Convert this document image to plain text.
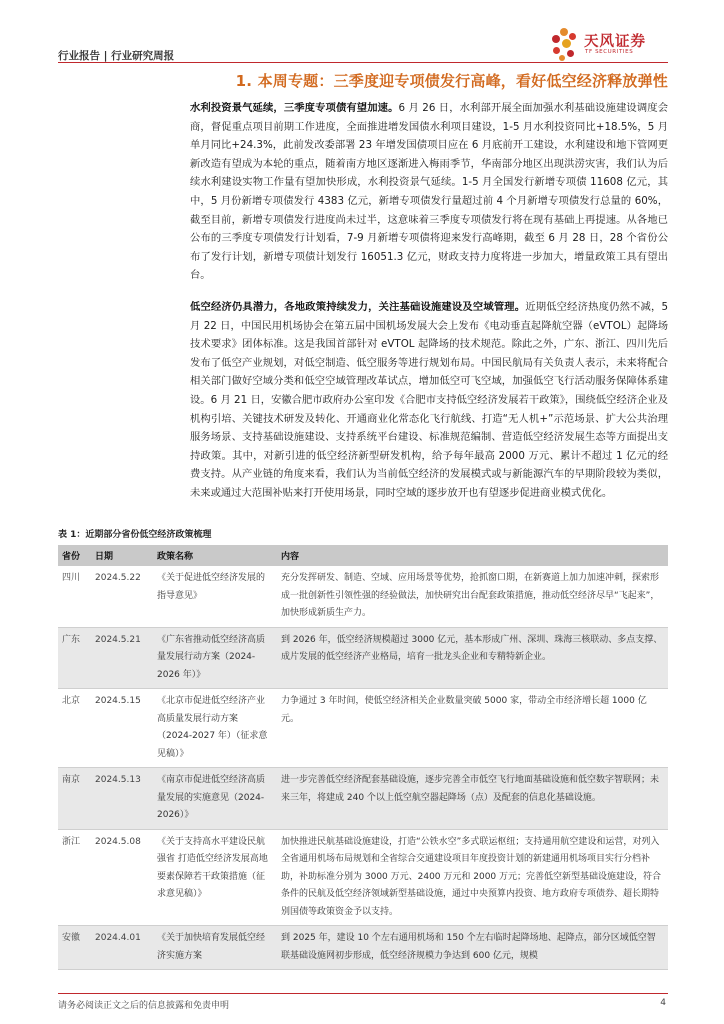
行业报告 | 行业研究周报
天风证券
TF SECURITIES
1. 本周专题：三季度迎专项债发行高峰，看好低空经济释放弹性
水利投资景气延续，三季度专项债有望加速。6 月 26 日，水利部开展全面加强水利基础设施建设调度会商，督促重点项目前期工作进度，全面推进增发国债水利项目建设，1-5 月水利投资同比+18.5%，5 月单月同比+24.3%，此前发改委部署 23 年增发国债项目应在 6 月底前开工建设，水利建设和地下管网更新改造有望成为本轮的重点，随着南方地区逐渐进入梅雨季节，华南部分地区出现洪涝灾害，我们认为后续水利建设实物工作量有望加快形成，水利投资景气延续。1-5 月全国发行新增专项债 11608 亿元，其中，5 月份新增专项债发行 4383 亿元，新增专项债发行量超过前 4 个月新增专项债发行总量的 60%，截至目前，新增专项债发行进度尚未过半，这意味着三季度专项债发行将在现有基础上再提速。从各地已公布的三季度专项债发行计划看，7-9 月新增专项债将迎来发行高峰期，截至 6 月 28 日，28 个省份公布了发行计划，新增专项债计划发行 16051.3 亿元，财政支持力度将进一步加大，增量政策工具有望出台。
低空经济仍具潜力，各地政策持续发力，关注基础设施建设及空域管理。近期低空经济热度仍然不减，5 月 22 日，中国民用机场协会在第五届中国机场发展大会上发布《电动垂直起降航空器（eVTOL）起降场技术要求》团体标准。这是我国首部针对 eVTOL 起降场的技术规范。除此之外，广东、浙江、四川先后发布了低空产业规划，对低空制造、低空服务等进行规划布局。中国民航局有关负责人表示，未来将配合相关部门做好空域分类和低空空域管理改革试点，增加低空可飞空域，加强低空飞行活动服务保障体系建设。6 月 21 日，安徽合肥市政府办公室印发《合肥市支持低空经济发展若干政策》，围绕低空经济企业及机构引培、关键技术研发及转化、开通商业化常态化飞行航线、打造“无人机+”示范场景、扩大公共治理服务场景、支持基础设施建设、支持系统平台建设、标准规范编制、营造低空经济发展生态等方面提出支持政策。其中，对新引进的低空经济新型研发机构，给予每年最高 2000 万元、累计不超过 1 亿元的经费支持。从产业链的角度来看，我们认为当前低空经济的发展模式或与新能源汽车的早期阶段较为类似，未来或通过大范围补贴来打开使用场景，同时空域的逐步放开也有望逐步促进商业模式优化。
表 1：近期部分省份低空经济政策梳理
省份	日期	政策名称	内容
四川	2024.5.22	《关于促进低空经济发展的指导意见》	充分发挥研发、制造、空域、应用场景等优势，抢抓窗口期，在新赛道上加力加速冲刺，探索形成一批创新性引领性强的经验做法，加快研究出台配套政策措施，推动低空经济尽早“飞起来”，加快形成新质生产力。
广东	2024.5.21	《广东省推动低空经济高质量发展行动方案（2024-2026 年）》	到 2026 年，低空经济规模超过 3000 亿元，基本形成广州、深圳、珠海三核联动、多点支撑、成片发展的低空经济产业格局，培育一批龙头企业和专精特新企业。
北京	2024.5.15	《北京市促进低空经济产业高质量发展行动方案（2024-2027 年）（征求意见稿）》	力争通过 3 年时间，使低空经济相关企业数量突破 5000 家，带动全市经济增长超 1000 亿元。
南京	2024.5.13	《南京市促进低空经济高质量发展的实施意见（2024-2026）》	进一步完善低空经济配套基础设施，逐步完善全市低空飞行地面基础设施和低空数字智联网；未来三年，将建成 240 个以上低空航空器起降场（点）及配套的信息化基础设施。
浙江	2024.5.08	《关于支持高水平建设民航强省 打造低空经济发展高地要素保障若干政策措施（征求意见稿）》	加快推进民航基础设施建设，打造“公铁水空”多式联运枢纽；支持通用航空建设和运营，对列入全省通用机场布局规划和全省综合交通建设项目年度投资计划的新建通用机场项目实行分档补助，补助标准分别为 3000 万元、2400 万元和 2000 万元；完善低空新型基础设施建设，符合条件的民航及低空经济领域新型基础设施，通过中央预算内投资、地方政府专项债券、超长期特别国债等政策资金予以支持。
安徽	2024.4.01	《关于加快培育发展低空经济实施方案	到 2025 年，建设 10 个左右通用机场和 150 个左右临时起降场地、起降点，部分区域低空智联基础设施网初步形成，低空经济规模力争达到 600 亿元，规模
请务必阅读正文之后的信息披露和免责申明	4
